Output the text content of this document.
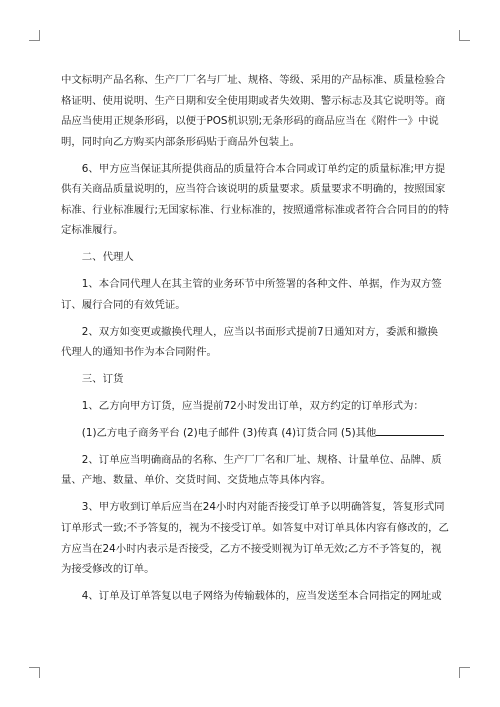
中文标明产品名称、生产厂厂名与厂址、规格、等级、采用的产品标准、质量检验合
格证明、使用说明、生产日期和安全使用期或者失效期、警示标志及其它说明等。商
品应当使用正规条形码，以便于POS机识别;无条形码的商品应当在《附件一》中说
明，同时向乙方购买内部条形码贴于商品外包装上。

6、甲方应当保证其所提供商品的质量符合本合同或订单约定的质量标准;甲方提
供有关商品质量说明的，应当符合该说明的质量要求。质量要求不明确的，按照国家
标准、行业标准履行;无国家标准、行业标准的，按照通常标准或者符合合同目的的特
定标准履行。

二、代理人

1、本合同代理人在其主管的业务环节中所签署的各种文件、单据，作为双方签
订、履行合同的有效凭证。

2、双方如变更或撤换代理人，应当以书面形式提前7日通知对方，委派和撤换
代理人的通知书作为本合同附件。

三、订货

1、乙方向甲方订货，应当提前72小时发出订单，双方约定的订单形式为：

(1)乙方电子商务平台 (2)电子邮件 (3)传真 (4)订货合同 (5)其他

2、订单应当明确商品的名称、生产厂厂名和厂址、规格、计量单位、品牌、质
量、产地、数量、单价、交货时间、交货地点等具体内容。

3、甲方收到订单后应当在24小时内对能否接受订单予以明确答复，答复形式同
订单形式一致;不予答复的，视为不接受订单。如答复中对订单具体内容有修改的，乙
方应当在24小时内表示是否接受，乙方不接受则视为订单无效;乙方不予答复的，视
为接受修改的订单。

4、订单及订单答复以电子网络为传输载体的，应当发送至本合同指定的网址或
